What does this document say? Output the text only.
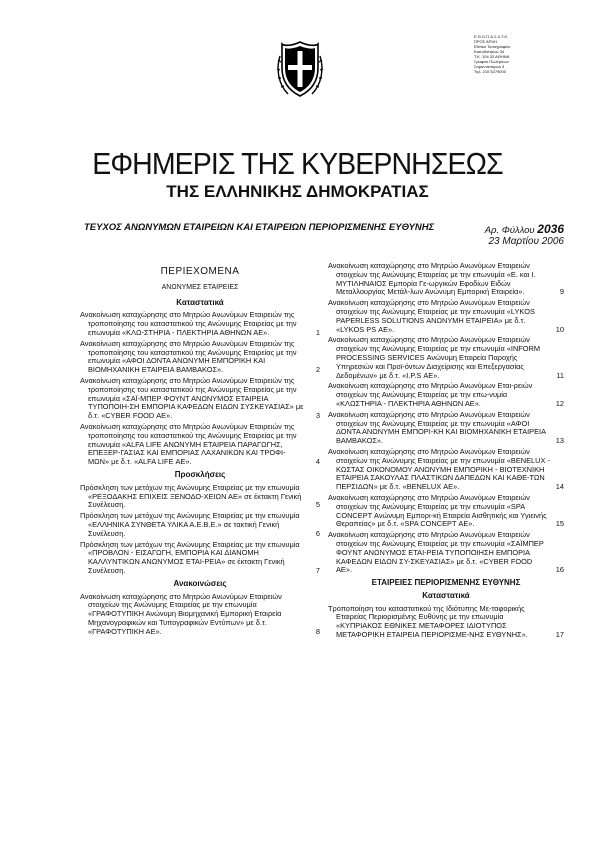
Ε.Θ.Ο.Π.Δ.Σ.Λ.Τ.Κ.
ΠΡΟΣ ΑΡΧΗ
Εθνικό Τυπογραφείο
Καποδιστρίου 34
Τ.Κ. 104 32 ΑΘΗΝΑ
Γραφείο Πωλήσεων
Σαρανταπόρου 3
Τηλ. 210 5279000
ΕΦΗΜΕΡΙΣ ΤΗΣ ΚΥΒΕΡΝΗΣΕΩΣ
ΤΗΣ ΕΛΛΗΝΙΚΗΣ ΔΗΜΟΚΡΑΤΙΑΣ
ΤΕΥΧΟΣ ΑΝΩΝΥΜΩΝ ΕΤΑΙΡΕΙΩΝ ΚΑΙ ΕΤΑΙΡΕΙΩΝ ΠΕΡΙΟΡΙΣΜΕΝΗΣ ΕΥΘΥΝΗΣ	Αρ. Φύλλου 2036
23 Μαρτίου 2006
ΠΕΡΙΕΧΟΜΕΝΑ
ΑΝΩΝΥΜΕΣ ΕΤΑΙΡΕΙΕΣ
Καταστατικά
Ανακοίνωση καταχώρησης στο Μητρώο Ανωνύμων Εταιρειών της τροποποίησης του καταστατικού της Ανώνυμης Εταιρείας με την επωνυμία «ΚΛΩ-ΣΤΗΡΙΑ - ΠΛΕΚΤΗΡΙΑ ΑΘΗΝΩΝ ΑΕ».	1
Ανακοίνωση καταχώρησης στο Μητρώο Ανωνύμων Εταιρειών της τροποποίησης του καταστατικού της Ανώνυμης Εταιρείας με την επωνυμία «ΑΦΟΙ ΔΟΝΤΑ ΑΝΩΝΥΜΗ ΕΜΠΟΡΙΚΗ ΚΑΙ ΒΙΟΜΗΧΑΝΙΚΗ ΕΤΑΙΡΕΙΑ ΒΑΜΒΑΚΟΣ».	2
Ανακοίνωση καταχώρησης στο Μητρώο Ανωνύμων Εταιρειών της τροποποίησης του καταστατικού της Ανώνυμης Εταιρείας με την επωνυμία «ΣΑΪ-ΜΠΕΡ ΦΟΥΝΤ ΑΝΩΝΥΜΟΣ ΕΤΑΙΡΕΙΑ ΤΥΠΟΠΟΙΗ-ΣΗ ΕΜΠΟΡΙΑ ΚΑΦΕΔΩΝ ΕΙΔΩΝ ΣΥΣΚΕΥΑΣΙΑΣ» με δ.τ. «CYBER FOOD ΑΕ».	3
Ανακοίνωση καταχώρησης στο Μητρώο Ανωνύμων Εταιρειών της τροποποίησης του καταστατικού της Ανώνυμης Εταιρείας με την επωνυμία «ALFA LIFE ΑΝΩΝΥΜΗ ΕΤΑΙΡΕΙΑ ΠΑΡΑΓΩΓΗΣ, ΕΠΕΞΕΡ-ΓΑΣΙΑΣ ΚΑΙ ΕΜΠΟΡΙΑΣ ΛΑΧΑΝΙΚΩΝ ΚΑΙ ΤΡΟΦΙ-ΜΩΝ» με δ.τ. «ALFA LIFE ΑΕ».	4
Προσκλήσεις
Πρόσκληση των μετόχων της Ανώνυμης Εταιρείας με την επωνυμία «ΡΕΞΟΔΑΚΗΣ ΕΠΙΧΕΙΣ ΞΕΝΟΔΟ-ΧΕΙΩΝ ΑΕ» σε έκτακτη Γενική Συνέλευση.	5
Πρόσκληση των μετόχων της Ανώνυμης Εταιρείας με την επωνυμία «ΕΛΛΗΝΙΚΑ ΣΥΝΘΕΤΑ ΥΛΙΚΑ Α.Ε.Β.Ε.» σε τακτική Γενική Συνέλευση.	6
Πρόσκληση των μετόχων της Ανώνυμης Εταιρείας με την επωνυμία «ΠΡΟΒΛΟΝ - ΕΙΣΑΓΩΓΗ, ΕΜΠΟΡΙΑ ΚΑΙ ΔΙΑΝΟΜΗ ΚΑΛΛΥΝΤΙΚΩΝ ΑΝΩΝΥΜΟΣ ΕΤΑΙ-ΡΕΙΑ» σε έκτακτη Γενική Συνέλευση.	7
Ανακοινώσεις
Ανακοίνωση καταχώρησης στο Μητρώο Ανωνύμων Εταιρειών στοιχείων της Ανώνυμης Εταιρείας με την επωνυμία «ΓΡΑΦΟΤΥΠΙΚΗ Ανώνυμη Βιομηχανική Εμπορική Εταιρεία Μηχανογραφικών και Τυπογραφικών Εντύπων» με δ.τ. «ΓΡΑΦΟΤΥΠΙΚΗ ΑΕ».	8
Ανακοίνωση καταχώρησης στο Μητρώο Ανωνύμων Εταιρειών στοιχείων της Ανώνυμης Εταιρείας με την επωνυμία «Ε. και Ι. ΜΥΤΙΛΗΝΑΙΟΣ Εμπορία Γε-ωργικών Εφοδίων Ειδών Μεταλλουργίας Μετάλ-λων Ανώνυμη Εμπορική Εταιρεία».	9
Ανακοίνωση καταχώρησης στο Μητρώο Ανωνύμων Εταιρειών στοιχείων της Ανώνυμης Εταιρείας με την επωνυμία «LYKOS PAPERLESS SOLUTIONS ΑΝΩΝΥΜΗ ΕΤΑΙΡΕΙΑ» με δ.τ. «LYKOS PS ΑΕ».	10
Ανακοίνωση καταχώρησης στο Μητρώο Ανωνύμων Εταιρειών στοιχείων της Ανώνυμης Εταιρείας με την επωνυμία «INFORM PROCESSING SERVICES Ανώνυμη Εταιρεία Παροχής Υπηρεσιών και Προϊ-όντων Διαχείρισης και Επεξεργασίας Δεδομένων» με δ.τ. «I.P.S ΑΕ».	11
Ανακοίνωση καταχώρησης στο Μητρώο Ανωνύμων Εται-ρειών στοιχείων της Ανώνυμης Εταιρείας με την επω-νυμία «ΚΛΩΣΤΗΡΙΑ - ΠΛΕΚΤΗΡΙΑ ΑΘΗΝΩΝ ΑΕ».	12
Ανακοίνωση καταχώρησης στο Μητρώο Ανωνύμων Εταιρειών στοιχείων της Ανώνυμης Εταιρείας με την επωνυμία «ΑΦΟΙ ΔΟΝΤΑ ΑΝΩΝΥΜΗ ΕΜΠΟΡΙ-ΚΗ ΚΑΙ ΒΙΟΜΗΧΑΝΙΚΗ ΕΤΑΙΡΕΙΑ ΒΑΜΒΑΚΟΣ».	13
Ανακοίνωση καταχώρησης στο Μητρώο Ανωνύμων Εταιρειών στοιχείων της Ανώνυμης Εταιρείας με την επωνυμία «BENELUX - ΚΩΣΤΑΣ ΟΙΚΟΝΟΜΟΥ ΑΝΩΝΥΜΗ ΕΜΠΟΡΙΚΗ - ΒΙΟΤΕΧΝΙΚΗ ΕΤΑΙΡΕΙΑ ΣΑΚΟΥΛΑΣ ΠΛΑΣΤΙΚΩΝ ΔΑΠΕΔΩΝ ΚΑΙ ΚΑΘΕ-ΤΩΝ ΠΕΡΣΙΔΩΝ» με δ.τ. «BENELUX ΑΕ».	14
Ανακοίνωση καταχώρησης στο Μητρώο Ανωνύμων Εταιρειών στοιχείων της Ανώνυμης Εταιρείας με την επωνυμία «SPA CONCEPT Ανώνυμη Εμπορι-κή Εταιρεία Αισθητικής και Υγιεινής Θεραπείας» με δ.τ. «SPA CONCEPT ΑΕ».	15
Ανακοίνωση καταχώρησης στο Μητρώο Ανωνύμων Εταιρειών στοιχείων της Ανώνυμης Εταιρείας με την επωνυμία «ΣΑΪΜΠΕΡ ΦΟΥΝΤ ΑΝΩΝΥΜΟΣ ΕΤΑΙ-ΡΕΙΑ ΤΥΠΟΠΟΙΗΣΗ ΕΜΠΟΡΙΑ ΚΑΦΕΔΩΝ ΕΙΔΩΝ ΣΥ-ΣΚΕΥΑΣΙΑΣ» με δ.τ. «CYBER FOOD ΑΕ».	16
ΕΤΑΙΡΕΙΕΣ ΠΕΡΙΟΡΙΣΜΕΝΗΣ ΕΥΘΥΝΗΣ
Καταστατικά
Τροποποίηση του καταστατικού της Ιδιότυπης Με-ταφορικής Εταιρείας Περιορισμένης Ευθύνης με την επωνυμία «ΚΥΠΡΙΑΚΟΣ ΕΘΝΙΚΕΣ ΜΕΤΑΦΟΡΕΣ ΙΔΙΟΤΥΠΟΣ ΜΕΤΑΦΟΡΙΚΗ ΕΤΑΙΡΕΙΑ ΠΕΡΙΟΡΙΣΜΕ-ΝΗΣ ΕΥΘΥΝΗΣ».	17
